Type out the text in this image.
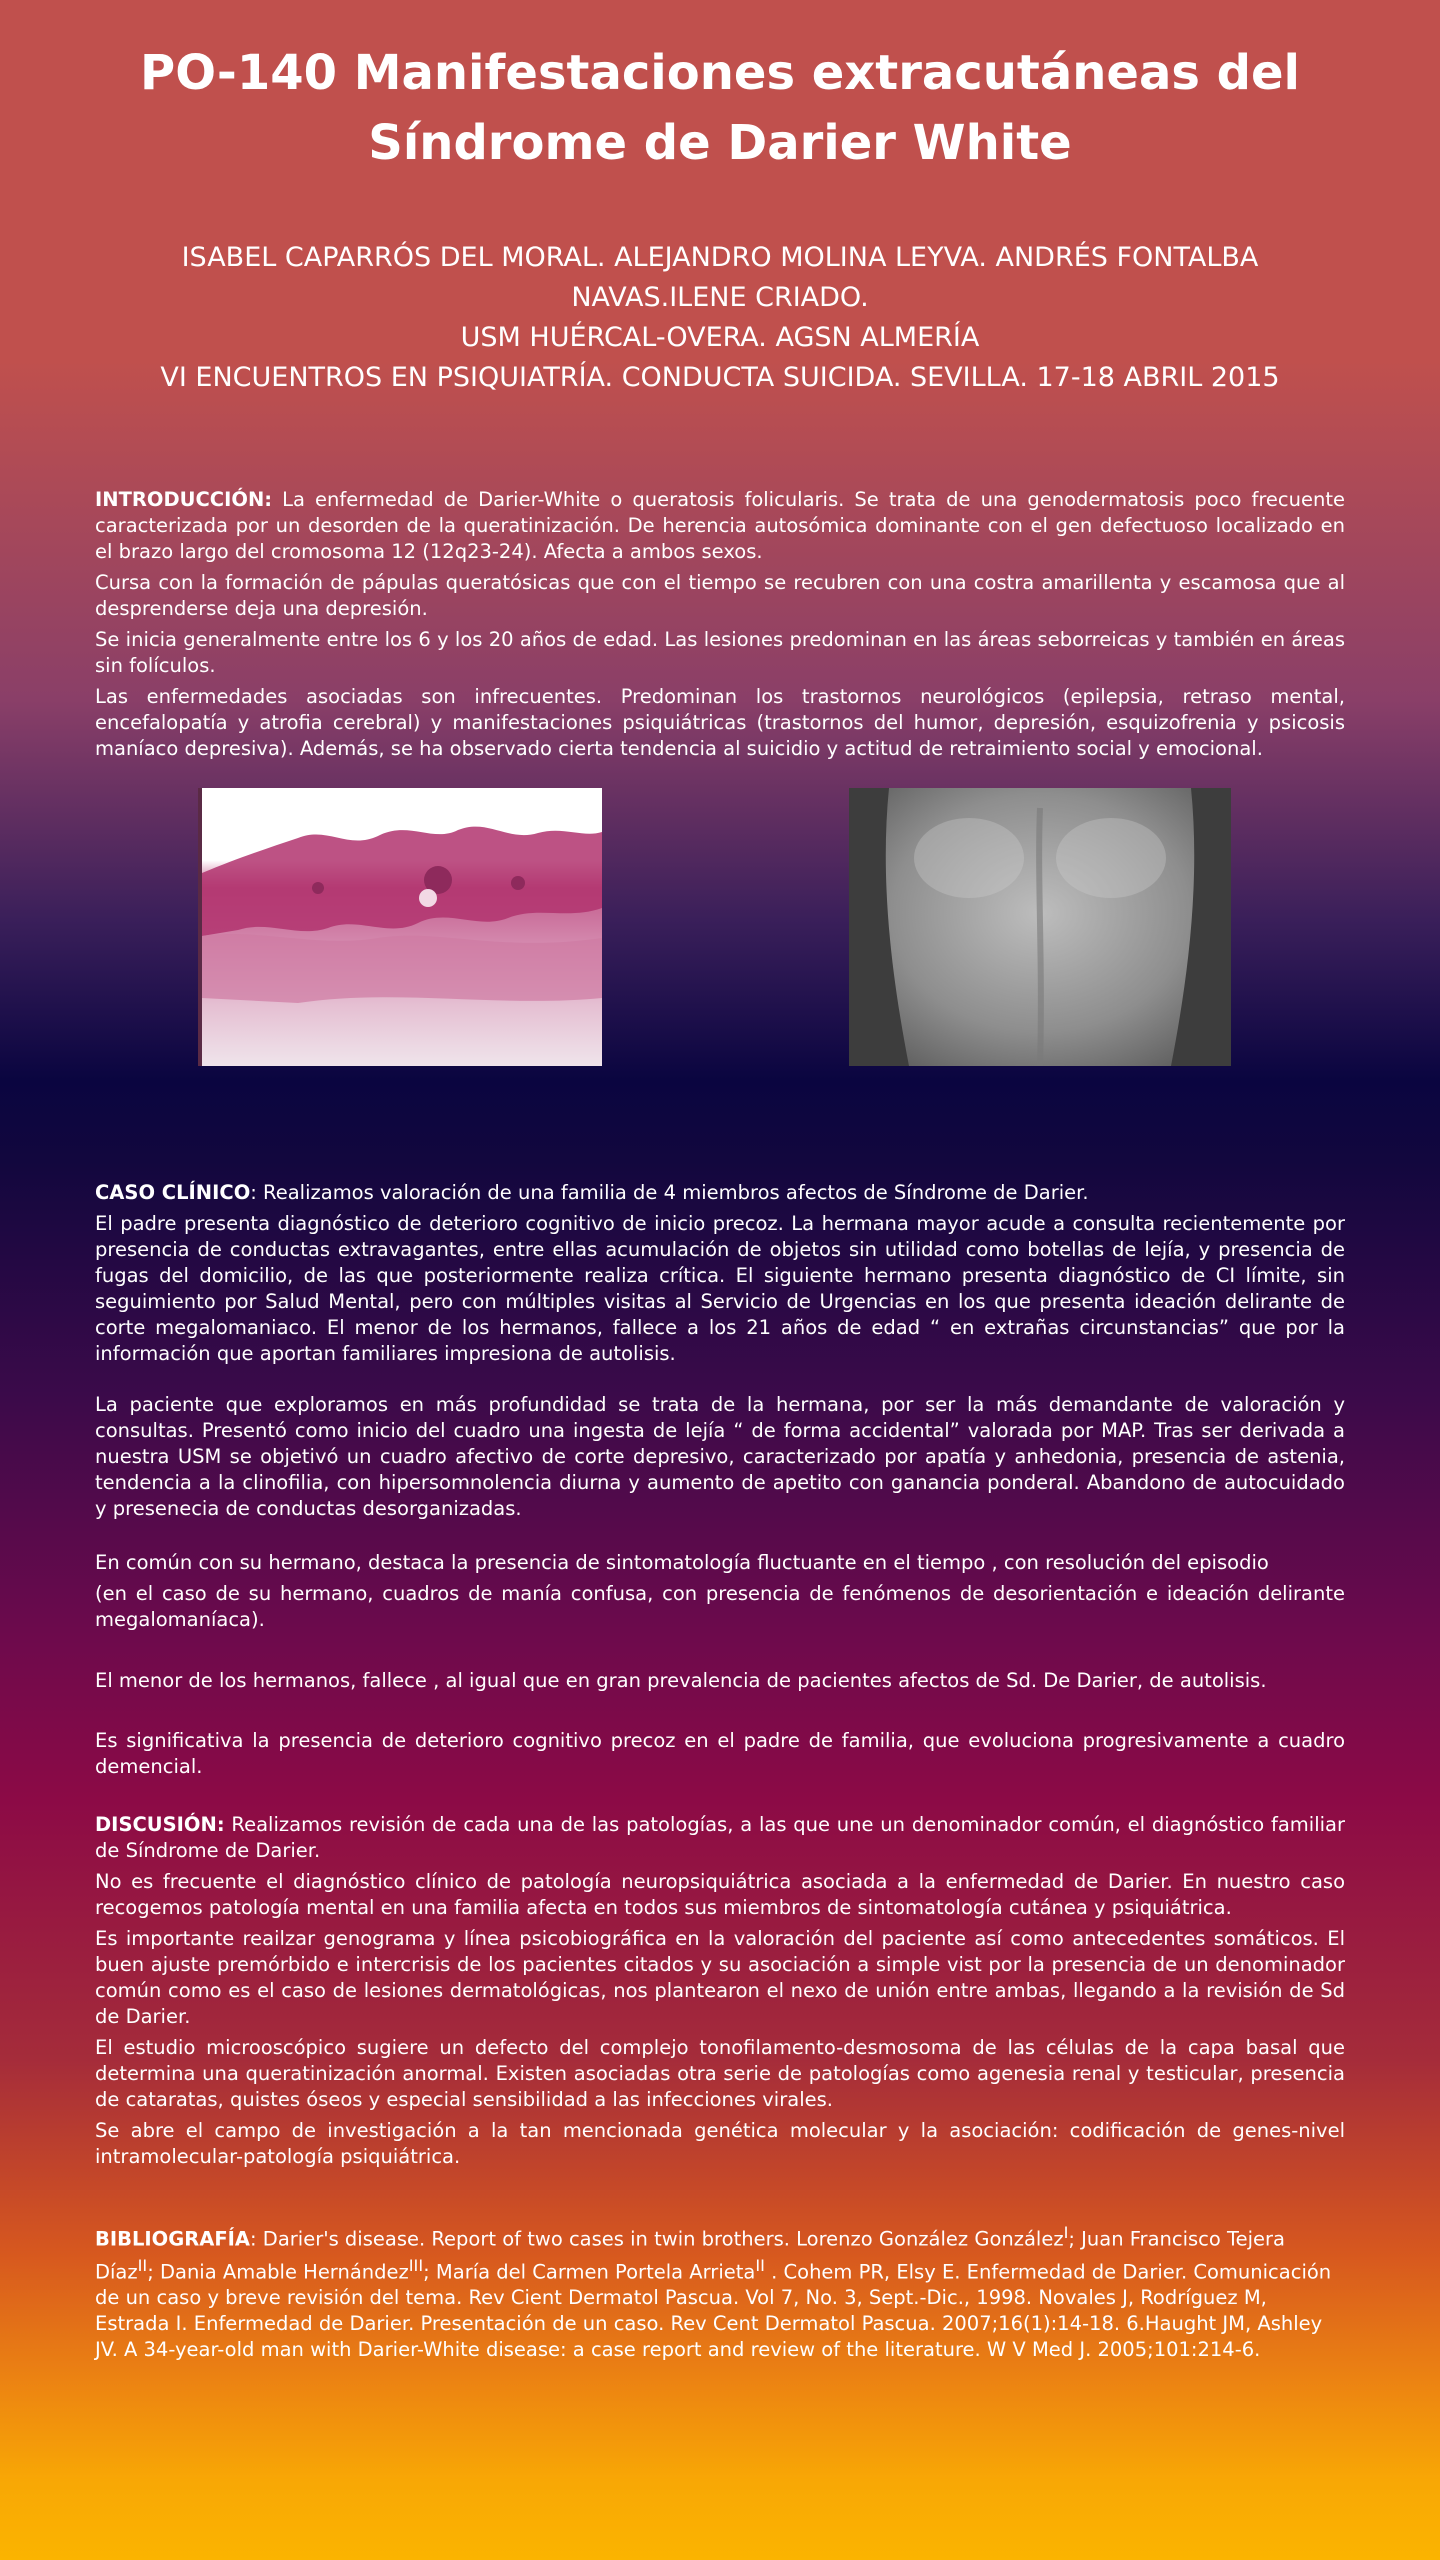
PO-140 Manifestaciones extracutáneas del
Síndrome de Darier White
ISABEL CAPARRÓS DEL MORAL. ALEJANDRO MOLINA LEYVA. ANDRÉS FONTALBA
NAVAS.ILENE CRIADO.
USM HUÉRCAL-OVERA. AGSN ALMERÍA
VI ENCUENTROS EN PSIQUIATRÍA. CONDUCTA SUICIDA. SEVILLA. 17-18 ABRIL 2015

INTRODUCCIÓN: La enfermedad de Darier-White o queratosis folicularis. Se trata de una genodermatosis poco frecuente caracterizada por un desorden de la queratinización. De herencia autosómica dominante con el gen defectuoso localizado en el brazo largo del cromosoma 12 (12q23-24). Afecta a ambos sexos.

Cursa con la formación de pápulas queratósicas que con el tiempo se recubren con una costra amarillenta y escamosa que al desprenderse deja una depresión.

Se inicia generalmente entre los 6 y los 20 años de edad. Las lesiones predominan en las áreas seborreicas y también en áreas sin folículos.

Las enfermedades asociadas son infrecuentes. Predominan los trastornos neurológicos (epilepsia, retraso mental, encefalopatía y atrofia cerebral) y manifestaciones psiquiátricas (trastornos del humor, depresión, esquizofrenia y psicosis maníaco depresiva). Además, se ha observado cierta tendencia al suicidio y actitud de retraimiento social y emocional.

CASO CLÍNICO: Realizamos valoración de una familia de 4 miembros afectos de Síndrome de Darier.

El padre presenta diagnóstico de deterioro cognitivo de inicio precoz. La hermana mayor acude a consulta recientemente por presencia de conductas extravagantes, entre ellas acumulación de objetos sin utilidad como botellas de lejía, y presencia de fugas del domicilio, de las que posteriormente realiza crítica. El siguiente hermano presenta diagnóstico de CI límite, sin seguimiento por Salud Mental, pero con múltiples visitas al Servicio de Urgencias en los que presenta ideación delirante de corte megalomaniaco. El menor de los hermanos, fallece a los 21 años de edad “ en extrañas circunstancias” que por la información que aportan familiares impresiona de autolisis.

La paciente que exploramos en más profundidad se trata de la hermana, por ser la más demandante de valoración y consultas. Presentó como inicio del cuadro una ingesta de lejía “ de forma accidental” valorada por MAP. Tras ser derivada a nuestra USM se objetivó un cuadro afectivo de corte depresivo, caracterizado por apatía y anhedonia, presencia de astenia, tendencia a la clinofilia, con hipersomnolencia diurna y aumento de apetito con ganancia ponderal. Abandono de autocuidado y presenecia de conductas desorganizadas.

En común con su hermano, destaca la presencia de sintomatología fluctuante en el tiempo , con resolución del episodio

(en el caso de su hermano, cuadros de manía confusa, con presencia de fenómenos de desorientación e ideación delirante megalomaníaca).

El menor de los hermanos, fallece , al igual que en gran prevalencia de pacientes afectos de Sd. De Darier, de autolisis.

Es significativa la presencia de deterioro cognitivo precoz en el padre de familia, que evoluciona progresivamente a cuadro demencial.

DISCUSIÓN: Realizamos revisión de cada una de las patologías, a las que une un denominador común, el diagnóstico familiar de Síndrome de Darier.

No es frecuente el diagnóstico clínico de patología neuropsiquiátrica asociada a la enfermedad de Darier. En nuestro caso recogemos patología mental en una familia afecta en todos sus miembros de sintomatología cutánea y psiquiátrica.

Es importante reailzar genograma y línea psicobiográfica en la valoración del paciente así como antecedentes somáticos. El buen ajuste premórbido e intercrisis de los pacientes citados y su asociación a simple vist por la presencia de un denominador común como es el caso de lesiones dermatológicas, nos plantearon el nexo de unión entre ambas, llegando a la revisión de Sd de Darier.

El estudio microoscópico sugiere un defecto del complejo tonofilamento-desmosoma de las células de la capa basal que determina una queratinización anormal. Existen asociadas otra serie de patologías como agenesia renal y testicular, presencia de cataratas, quistes óseos y especial sensibilidad a las infecciones virales.

Se abre el campo de investigación a la tan mencionada genética molecular y la asociación: codificación de genes-nivel intramolecular-patología psiquiátrica.

BIBLIOGRAFÍA: Darier's disease. Report of two cases in twin brothers. Lorenzo González González$^I$; Juan Francisco Tejera Díaz$^{II}$; Dania Amable Hernández$^{III}$; María del Carmen Portela Arrieta$^{II}$ . Cohem PR, Elsy E. Enfermedad de Darier. Comunicación de un caso y breve revisión del tema. Rev Cient Dermatol Pascua. Vol 7, No. 3, Sept.-Dic., 1998. Novales J, Rodríguez M, Estrada I. Enfermedad de Darier. Presentación de un caso. Rev Cent Dermatol Pascua. 2007;16(1):14-18. 6.Haught JM, Ashley JV. A 34-year-old man with Darier-White disease: a case report and review of the literature. W V Med J. 2005;101:214-6.
